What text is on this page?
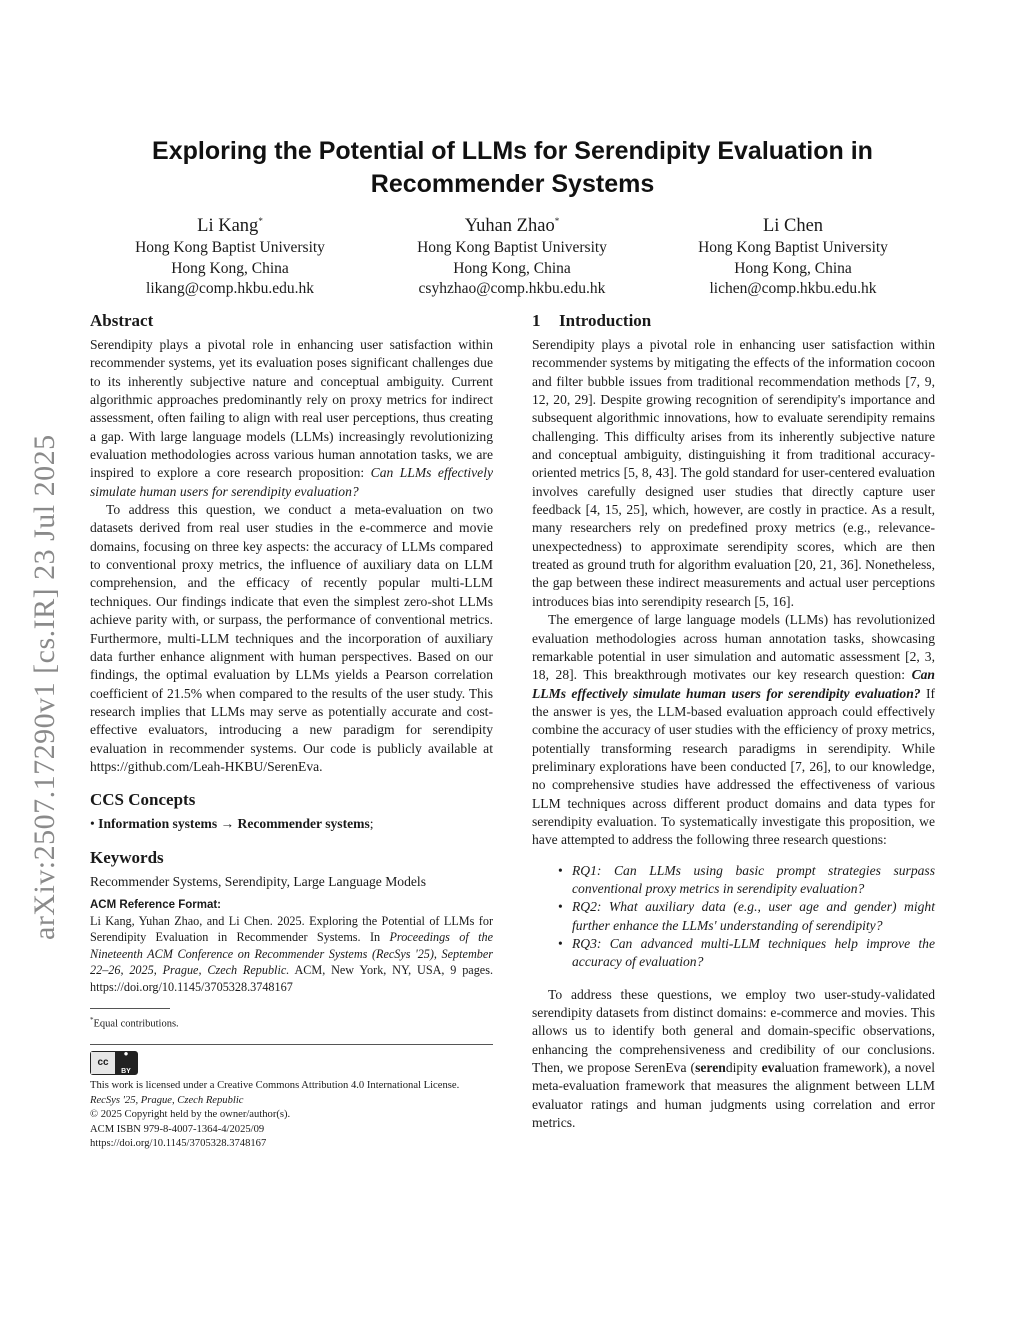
arXiv:2507.17290v1 [cs.IR] 23 Jul 2025
Exploring the Potential of LLMs for Serendipity Evaluation in Recommender Systems
Li Kang*
Hong Kong Baptist University
Hong Kong, China
likang@comp.hkbu.edu.hk
Yuhan Zhao*
Hong Kong Baptist University
Hong Kong, China
csyhzhao@comp.hkbu.edu.hk
Li Chen
Hong Kong Baptist University
Hong Kong, China
lichen@comp.hkbu.edu.hk
Abstract

Serendipity plays a pivotal role in enhancing user satisfaction within recommender systems, yet its evaluation poses significant challenges due to its inherently subjective nature and conceptual ambiguity. Current algorithmic approaches predominantly rely on proxy metrics for indirect assessment, often failing to align with real user perceptions, thus creating a gap. With large language models (LLMs) increasingly revolutionizing evaluation methodologies across various human annotation tasks, we are inspired to explore a core research proposition: Can LLMs effectively simulate human users for serendipity evaluation?

To address this question, we conduct a meta-evaluation on two datasets derived from real user studies in the e-commerce and movie domains, focusing on three key aspects: the accuracy of LLMs compared to conventional proxy metrics, the influence of auxiliary data on LLM comprehension, and the efficacy of recently popular multi-LLM techniques. Our findings indicate that even the simplest zero-shot LLMs achieve parity with, or surpass, the performance of conventional metrics. Furthermore, multi-LLM techniques and the incorporation of auxiliary data further enhance alignment with human perspectives. Based on our findings, the optimal evaluation by LLMs yields a Pearson correlation coefficient of 21.5% when compared to the results of the user study. This research implies that LLMs may serve as potentially accurate and cost-effective evaluators, introducing a new paradigm for serendipity evaluation in recommender systems. Our code is publicly available at https://github.com/Leah-HKBU/SerenEva.

CCS Concepts

• Information systems → Recommender systems;

Keywords

Recommender Systems, Serendipity, Large Language Models

ACM Reference Format:

Li Kang, Yuhan Zhao, and Li Chen. 2025. Exploring the Potential of LLMs for Serendipity Evaluation in Recommender Systems. In Proceedings of the Nineteenth ACM Conference on Recommender Systems (RecSys '25), September 22–26, 2025, Prague, Czech Republic. ACM, New York, NY, USA, 9 pages. https://doi.org/10.1145/3705328.3748167

*Equal contributions.
cc
●
BY
This work is licensed under a Creative Commons Attribution 4.0 International License.
RecSys '25, Prague, Czech Republic
© 2025 Copyright held by the owner/author(s).
ACM ISBN 979-8-4007-1364-4/2025/09
https://doi.org/10.1145/3705328.3748167
1 Introduction

Serendipity plays a pivotal role in enhancing user satisfaction within recommender systems by mitigating the effects of the information cocoon and filter bubble issues from traditional recommendation methods [7, 9, 12, 20, 29]. Despite growing recognition of serendipity's importance and subsequent algorithmic innovations, how to evaluate serendipity remains challenging. This difficulty arises from its inherently subjective nature and conceptual ambiguity, distinguishing it from traditional accuracy-oriented metrics [5, 8, 43]. The gold standard for user-centered evaluation involves carefully designed user studies that directly capture user feedback [4, 15, 25], which, however, are costly in practice. As a result, many researchers rely on predefined proxy metrics (e.g., relevance-unexpectedness) to approximate serendipity scores, which are then treated as ground truth for algorithm evaluation [20, 21, 36]. Nonetheless, the gap between these indirect measurements and actual user perceptions introduces bias into serendipity research [5, 16].

The emergence of large language models (LLMs) has revolutionized evaluation methodologies across human annotation tasks, showcasing remarkable potential in user simulation and automatic assessment [2, 3, 18, 28]. This breakthrough motivates our key research question: Can LLMs effectively simulate human users for serendipity evaluation? If the answer is yes, the LLM-based evaluation approach could effectively combine the accuracy of user studies with the efficiency of proxy metrics, potentially transforming research paradigms in serendipity. While preliminary explorations have been conducted [7, 26], to our knowledge, no comprehensive studies have addressed the effectiveness of various LLM techniques across different product domains and data types for serendipity evaluation. To systematically investigate this proposition, we have attempted to address the following three research questions:

• RQ1: Can LLMs using basic prompt strategies surpass conventional proxy metrics in serendipity evaluation?
• RQ2: What auxiliary data (e.g., user age and gender) might further enhance the LLMs' understanding of serendipity?
• RQ3: Can advanced multi-LLM techniques help improve the accuracy of evaluation?

To address these questions, we employ two user-study-validated serendipity datasets from distinct domains: e-commerce and movies. This allows us to identify both general and domain-specific observations, enhancing the comprehensiveness and credibility of our conclusions. Then, we propose SerenEva (serendipity evaluation framework), a novel meta-evaluation framework that measures the alignment between LLM evaluator ratings and human judgments using correlation and error metrics.
